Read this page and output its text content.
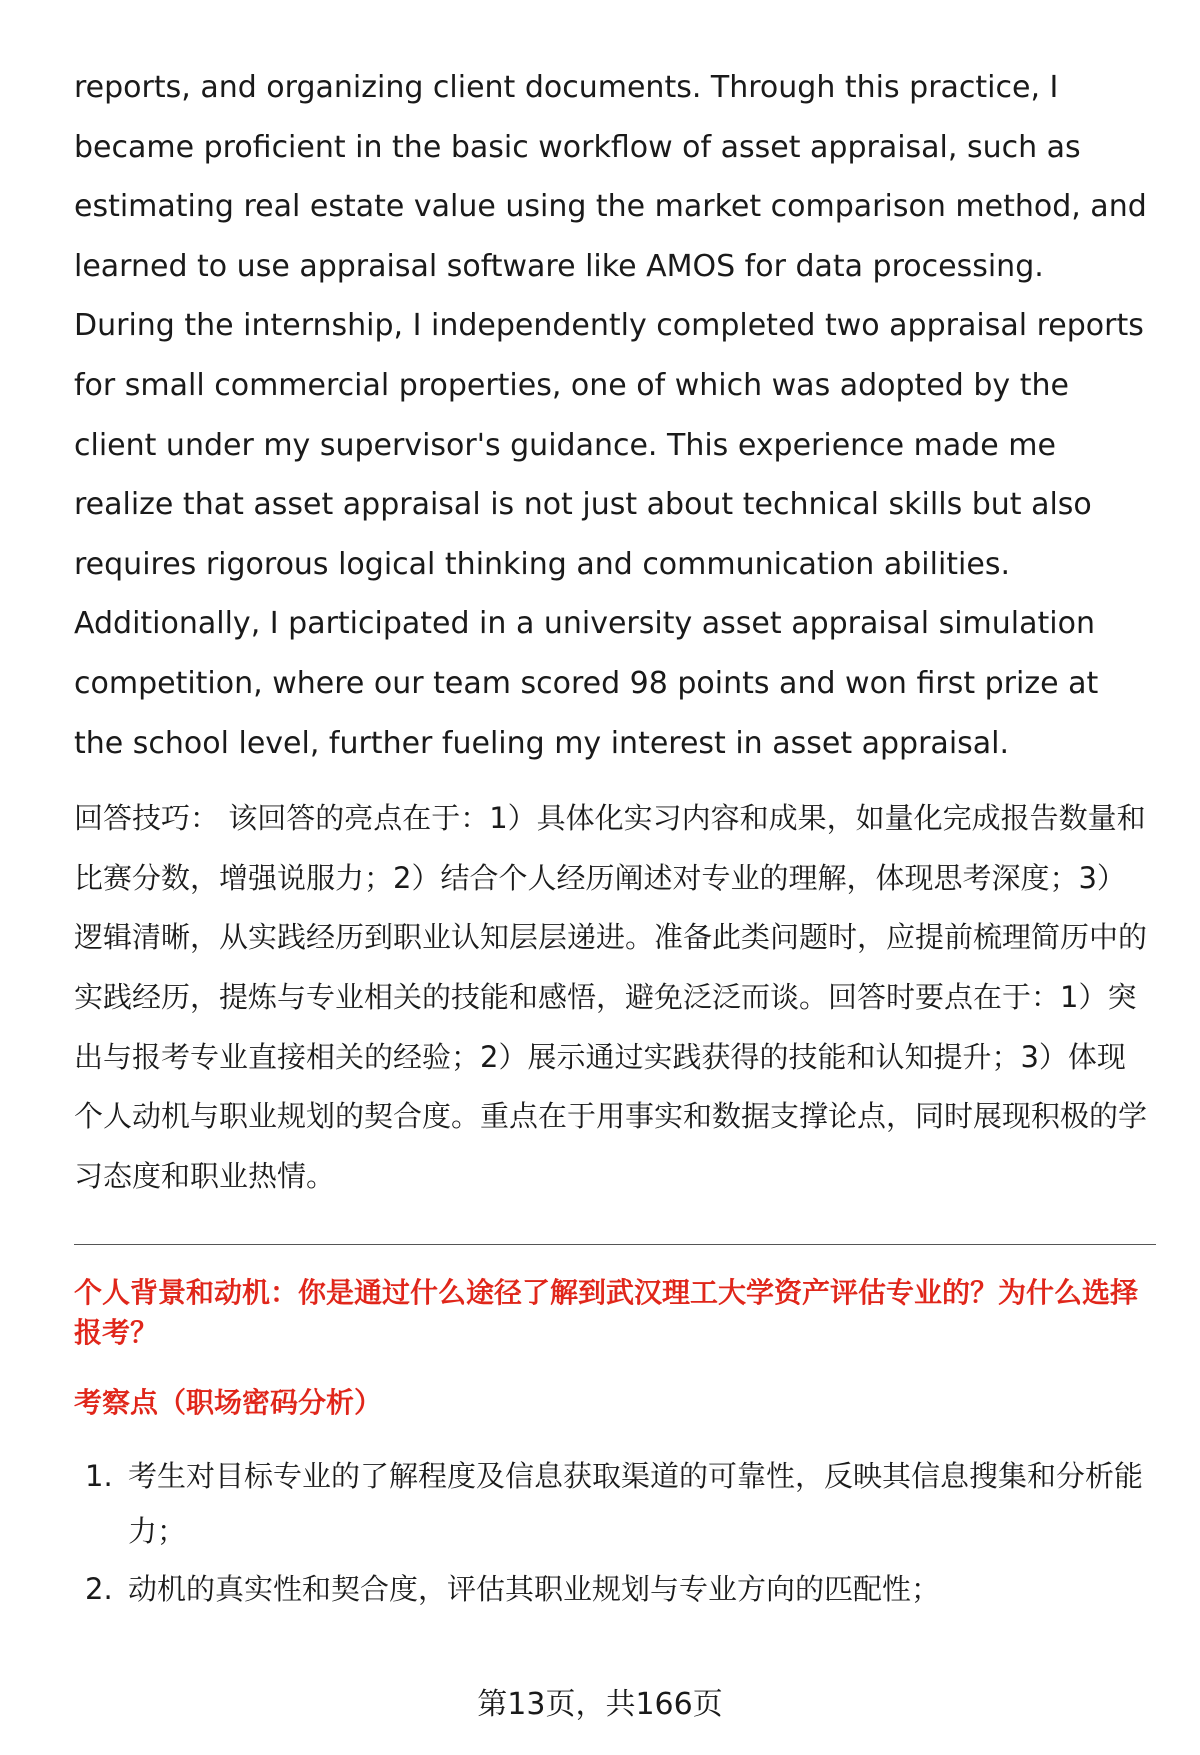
reports, and organizing client documents. Through this practice, I became proficient in the basic workflow of asset appraisal, such as estimating real estate value using the market comparison method, and learned to use appraisal software like AMOS for data processing. During the internship, I independently completed two appraisal reports for small commercial properties, one of which was adopted by the client under my supervisor's guidance. This experience made me realize that asset appraisal is not just about technical skills but also requires rigorous logical thinking and communication abilities. Additionally, I participated in a university asset appraisal simulation competition, where our team scored 98 points and won first prize at the school level, further fueling my interest in asset appraisal.

回答技巧： 该回答的亮点在于：1）具体化实习内容和成果，如量化完成报告数量和比赛分数，增强说服力；2）结合个人经历阐述对专业的理解，体现思考深度；3）逻辑清晰，从实践经历到职业认知层层递进。准备此类问题时，应提前梳理简历中的实践经历，提炼与专业相关的技能和感悟，避免泛泛而谈。回答时要点在于：1）突出与报考专业直接相关的经验；2）展示通过实践获得的技能和认知提升；3）体现个人动机与职业规划的契合度。重点在于用事实和数据支撑论点，同时展现积极的学习态度和职业热情。

个人背景和动机：你是通过什么途径了解到武汉理工大学资产评估专业的？为什么选择报考？
考察点（职场密码分析）
1. 考生对目标专业的了解程度及信息获取渠道的可靠性，反映其信息搜集和分析能力；
2. 动机的真实性和契合度，评估其职业规划与专业方向的匹配性；
第13页，共166页
